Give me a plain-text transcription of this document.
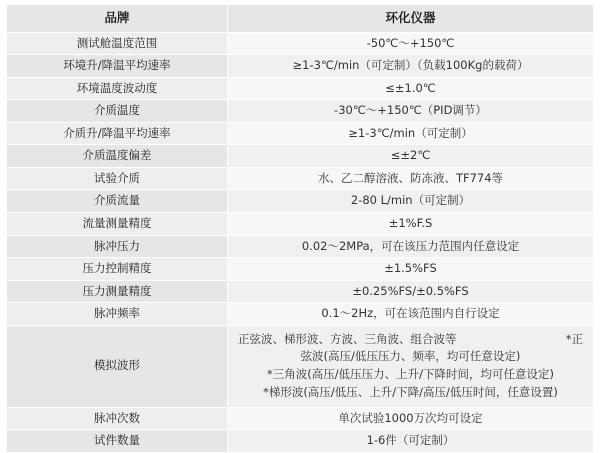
品牌	环化仪器
测试舱温度范围	-50℃～+150℃
环境升/降温平均速率	≥1-3℃/min（可定制）（负载100Kg的载荷）
环境温度波动度	≤±1.0℃
介质温度	-30℃～+150℃（PID调节）
介质升/降温平均速率	≥1-3℃/min（可定制）
介质温度偏差	≤±2℃
试验介质	水、乙二醇溶液、防冻液、TF774等
介质流量	2-80 L/min（可定制）
流量测量精度	±1%F.S
脉冲压力	0.02～2MPa，可在该压力范围内任意设定
压力控制精度	±1.5%FS
压力测量精度	±0.25%FS/±0.5%FS
脉冲频率	0.1～2Hz，可在该范围内自行设定
模拟波形	正弦波、梯形波、方波、三角波、组合波等 *正
弦波(高压/低压压力、频率，均可任意设定)
*三角波(高压/低压压力、上升/下降时间，均可任意设定)
*梯形波(高压/低压、上升/下降/高压/低压时间，任意设置)

脉冲次数	单次试验1000万次均可设定
试件数量	1-6件（可定制）
